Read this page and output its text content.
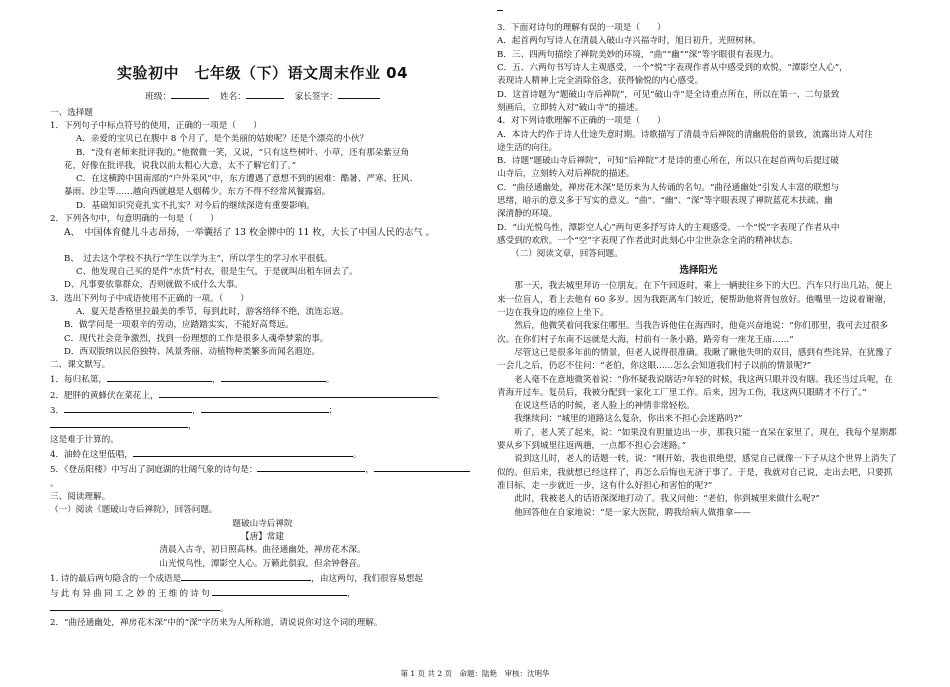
实验初中　七年级（下）语文周末作业 04
班级：	姓名：	家长签字：

一、选择题

1．下列句子中标点符号的使用，正确的一项是（　　）

A．亲爱的宝贝已在腹中 8 个月了，是个美丽的姑娘呢？还是个漂亮的小伙？

B．“没有老师来批评我的。”他微微一笑，又说，“只有这些树叶、小草，还有那朵紫豆角

花，好像在批评我，说我以前太粗心大意，太不了解它们了。”

C．在这横跨中国南部的“户外采风”中，东方遭遇了意想不到的困难：酷暑、严寒、狂风、

暴雨、沙尘等……越向西就越是人烟稀少。东方不得不经常风餐露宿。

D．基础知识究竟扎实不扎实？对今后的继续深造有重要影响。

2．下列各句中，句意明确的一句是（　　）

A、　中国体育健儿斗志昂扬，一举囊括了 13 枚金牌中的 11 枚，大长了中国人民的志气 。

B、　过去这个学校不执行“学生以学为主”，所以学生的学习水平很低。

C、他发现自己买的是件“水货”村衣，很是生气，于是就叫出租车回去了。

D、凡事要依靠群众，否则就做不成什么大事。

3．选出下列句子中成语使用不正确的一项。（　　）

A．夏天是香格里拉最美的季节，每到此时，游客络绎不绝，流连忘返。

B．做学问是一项艰辛的劳动，应踏踏实实，不能好高骛远。

C．现代社会竞争激烈，找到一份理想的工作是很多人魂牵梦萦的事。

D．西双版纳以民俗独特、风景秀丽、动植物种类繁多而闻名遐迩。

二、课文默写。

1．每归私第，	，	。

2．肥胖的黄蜂伏在菜花上，	。

3．	，	；，

这是难于计算的。

4．油蛉在这里低唱，	。

5．《登岳阳楼》中写出了洞庭湖的壮阔气象的诗句是：	，。

三、阅读理解。

（一）阅读《题破山寺后禅院》，回答问题。

题破山寺后禅院

【唐】常建

清晨入古寺，初日照高林。曲径通幽处，禅房花木深。

山光悦鸟性，潭影空人心。万籁此俱寂，但余钟磬音。

1. 诗的最后两句隐含的一个成语是	，由这两句，我们很容易想起

与此有异曲同工之妙的王维的诗句	，

。

2．“曲径通幽处，禅房花木深”中的“深”字历来为人所称道，请说说你对这个词的理解。

3．下面对诗句的理解有误的一项是（　　）

A．起首两句写诗人在清晨入破山寺兴福寺时，旭日初升，光照树林。

B．三、四两句描绘了禅院美妙的环境，“曲”“幽”“深”等字眼很有表现力。

C．五、六两句书写诗人主观感受，一个“悦”字表现作者从中感受到的欢悦，“潭影空人心”，

表现诗人精神上完全消除俗念，获得愉悦的内心感受。

D．这首诗题为“题破山寺后禅院”，可见“破山寺”是全诗重点所在，所以在第一、二句景致

刻画后，立即转入对“破山寺”的描述。

4．对下列诗歌理解不正确的一项是（　　）

A．本诗大约作于诗人仕途失意时期。诗歌描写了清晨寺后禅院的清幽脱俗的景致，流露出诗人对往

途生活的向往。

B．诗题“题破山寺后禅院”，可知“后禅院”才是诗的重心所在，所以只在起首两句后提过破

山寺后，立刻转入对后禅院的描述。

C．“曲径通幽处，禅房花木深”是历来为人传诵的名句。“曲径通幽处”引发人丰富的联想与

思绪，暗示的意义多于写实的意义。“曲”、“幽”、“深”等字眼表现了禅院蓝花木扶疏、幽

深清静的环境。

D．“山光悦鸟性，潭影空人心”两句更多抒写诗人的主观感受。一个“悦”字表现了作者从中

感受到的欢欣。一个“空”字表现了作者此时此刻心中尘世杂念全消的精神状态。

（二）阅读文章，回答问题。

选择阳光

那一天，我去城里拜访一位朋友。在下午回返时，乘上一辆驶往乡下的大巴。汽车只行出几站，便上来一位盲人，看上去他有 60 多岁。因为我距离车门较近，便帮助他将背包放好。他嘴里一边说着谢谢，一边在我身边的座位上坐下。

然后，他微笑着问我家住哪里。当我告诉他住在海西时，他竟兴奋地说：“你们那里，我可去过很多次。在你们村子东南不远就是大海，村前有一条小路，路旁有一座龙王庙……”

尽管这已是很多年前的情景，但老人说得很准确。我瞅了瞅他失明的双目，感到有些诧异，在犹豫了一会儿之后，仍忍不住问：“老伯，你这眼……怎么会知道我们村子以前的情景呢?”

老人毫不在意地微笑着说：“你怀疑我说瞎话?年轻的时候，我这两只眼并没有瞎。我还当过兵呢，在青海开过车。复员后，我被分配到一家化工厂里工作。后来，因为工伤，我这两只眼睛才不行了。”

在说这些话的时候，老人脸上的神情非常轻松。

我继续问：“城里的道路这么复杂，你出来不担心会迷路吗?”

听了，老人笑了起来，说：“如果没有胆量边出一步，那我只能一直呆在家里了，现在，我每个星期都要从乡下到城里往返两趟，一点都不担心会迷路。”

说到这儿时，老人的话题一转，说：“刚开始，我也很绝望，感觉自己就像一下子从这个世界上消失了似的。但后来，我就想已经这样了，再怎么后悔也无济于事了。于是，我就对自己说，走出去吧，只要抓准目标，走一步就近一步，这有什么好担心和害怕的呢?”

此时，我被老人的话语深深地打动了。我又问他：“老伯，你到城里来做什么呢?”

他回答他在自家地说：“是一家大医院，聘我给病人做推拿——

第 1 页 共 2 页　命题：陆艳　审核：沈明华
